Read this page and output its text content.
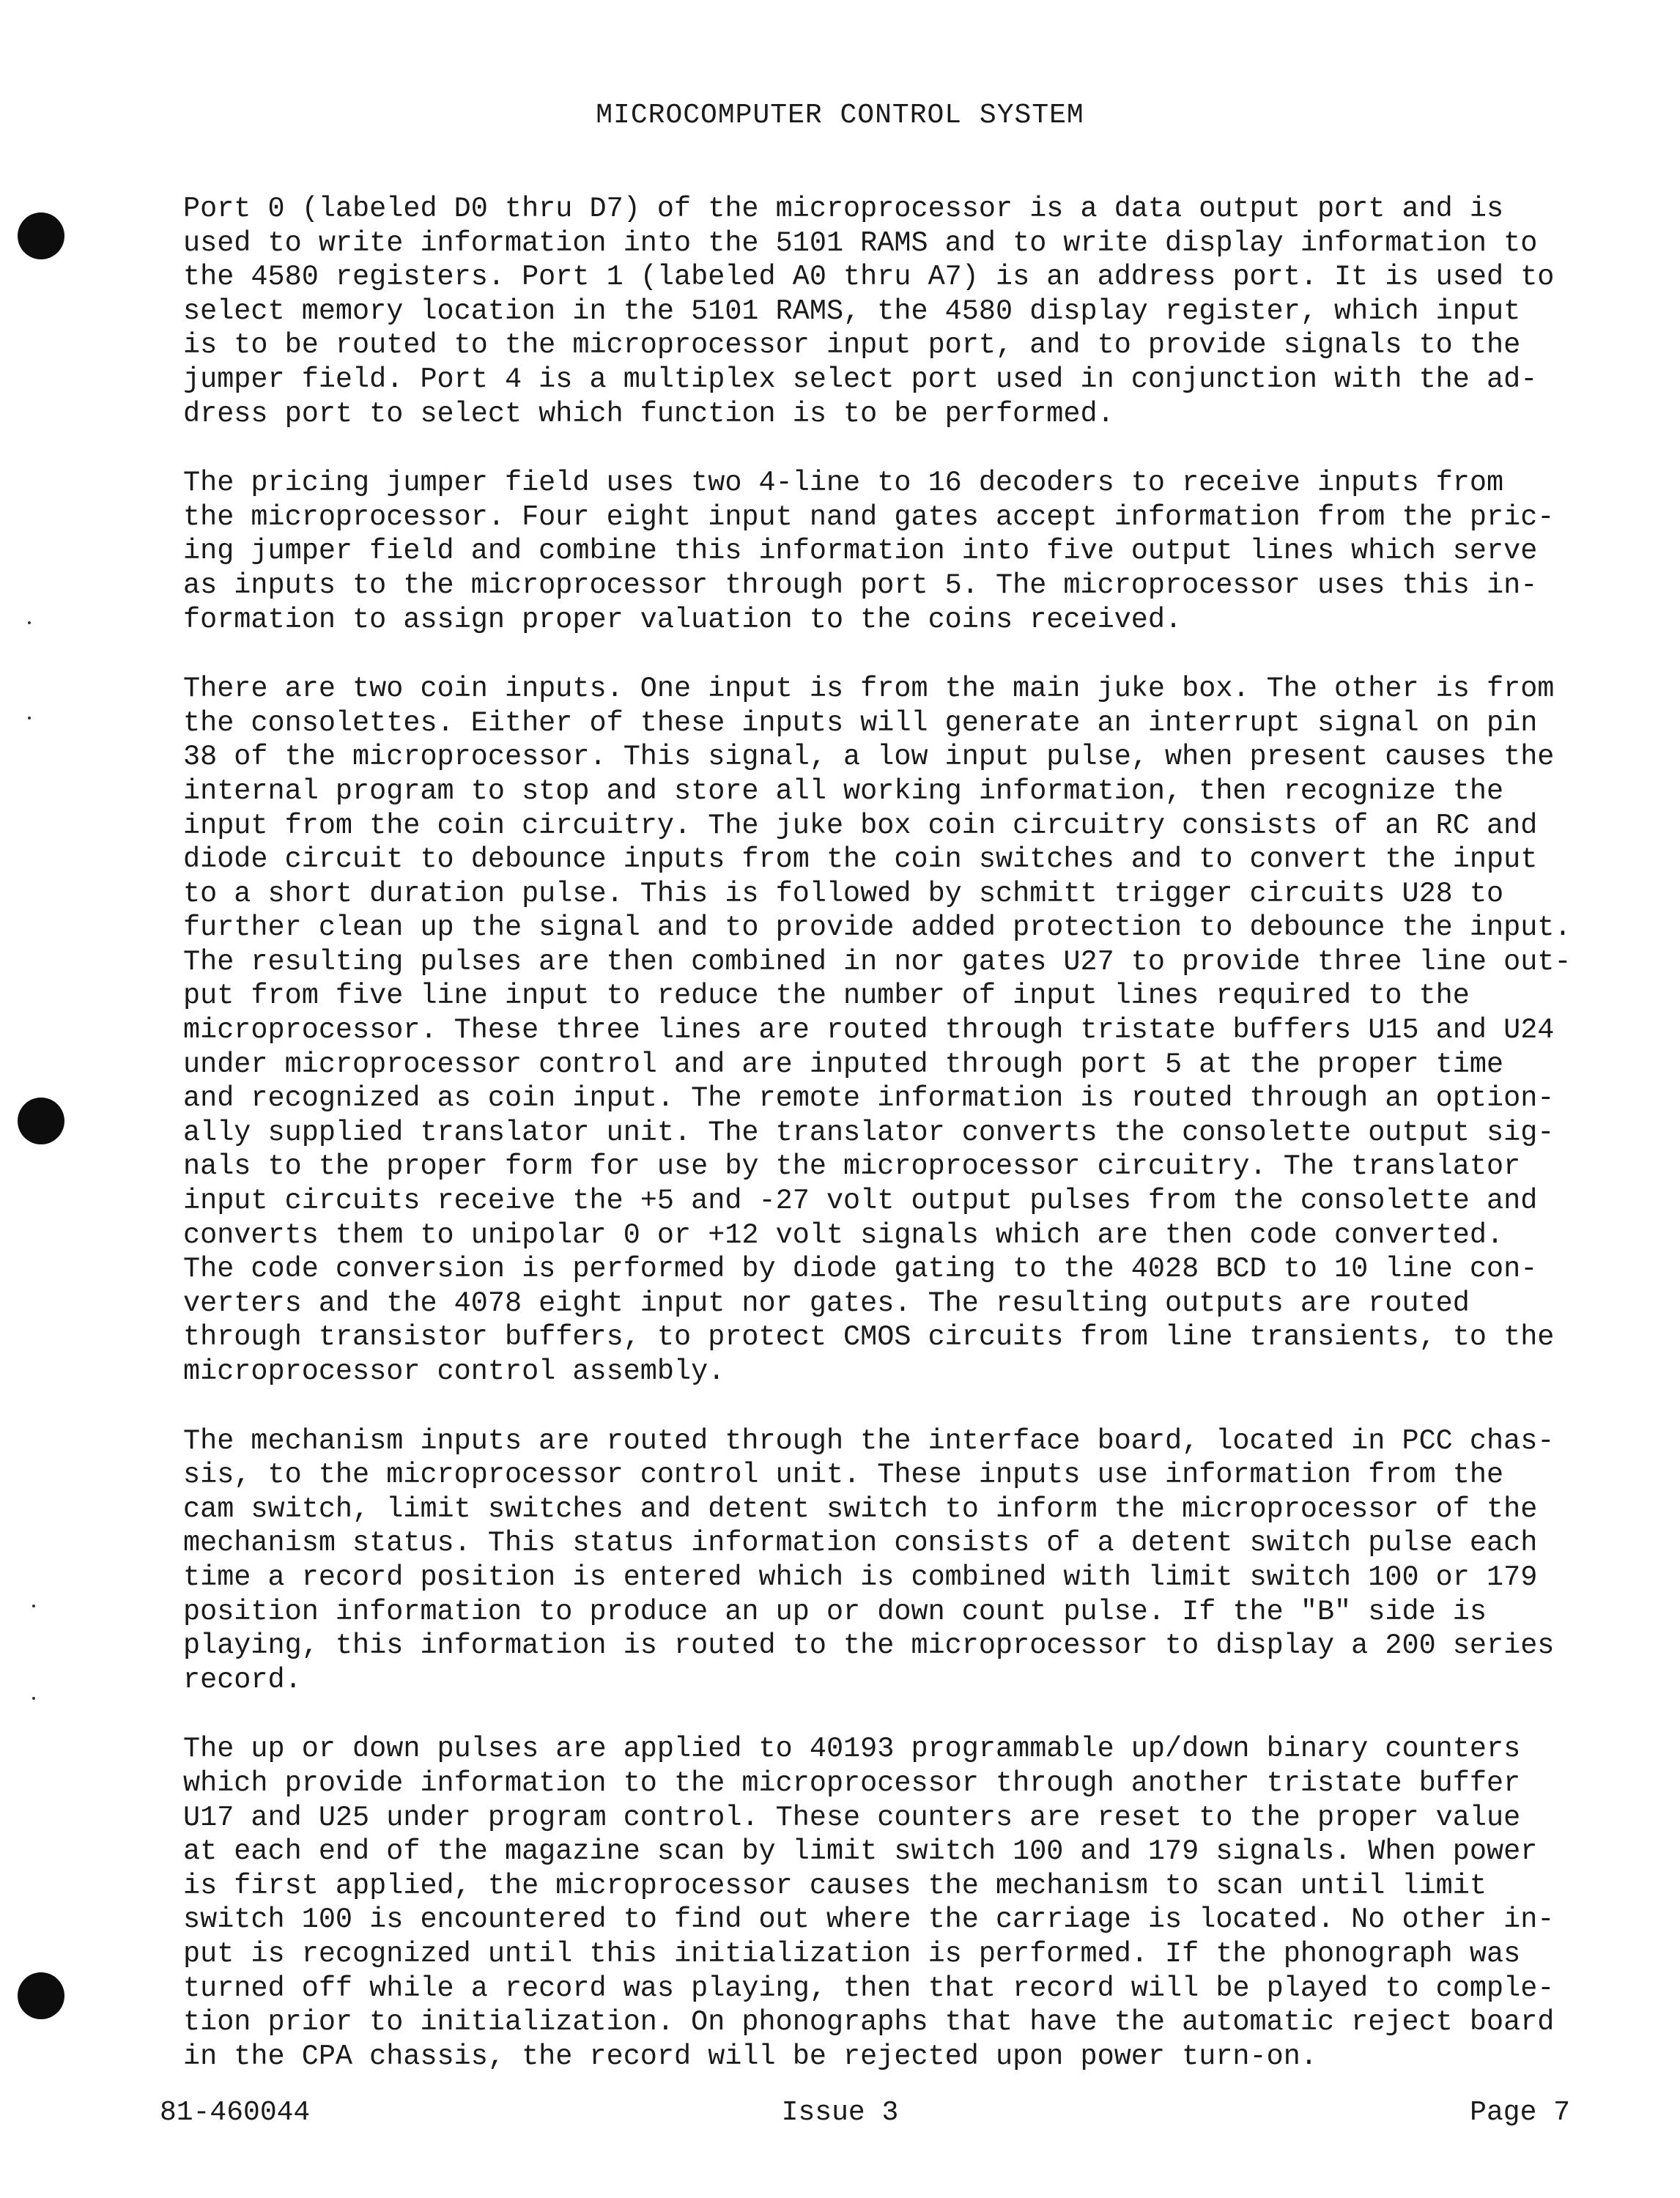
MICROCOMPUTER CONTROL SYSTEM
Port 0 (labeled D0 thru D7) of the microprocessor is a data output port and is
used to write information into the 5101 RAMS and to write display information to
the 4580 registers. Port 1 (labeled A0 thru A7) is an address port. It is used to
select memory location in the 5101 RAMS, the 4580 display register, which input
is to be routed to the microprocessor input port, and to provide signals to the
jumper field. Port 4 is a multiplex select port used in conjunction with the ad-
dress port to select which function is to be performed.
The pricing jumper field uses two 4-line to 16 decoders to receive inputs from
the microprocessor. Four eight input nand gates accept information from the pric-
ing jumper field and combine this information into five output lines which serve
as inputs to the microprocessor through port 5. The microprocessor uses this in-
formation to assign proper valuation to the coins received.
There are two coin inputs. One input is from the main juke box. The other is from
the consolettes. Either of these inputs will generate an interrupt signal on pin
38 of the microprocessor. This signal, a low input pulse, when present causes the
internal program to stop and store all working information, then recognize the
input from the coin circuitry. The juke box coin circuitry consists of an RC and
diode circuit to debounce inputs from the coin switches and to convert the input
to a short duration pulse. This is followed by schmitt trigger circuits U28 to
further clean up the signal and to provide added protection to debounce the input.
The resulting pulses are then combined in nor gates U27 to provide three line out-
put from five line input to reduce the number of input lines required to the
microprocessor. These three lines are routed through tristate buffers U15 and U24
under microprocessor control and are inputed through port 5 at the proper time
and recognized as coin input. The remote information is routed through an option-
ally supplied translator unit. The translator converts the consolette output sig-
nals to the proper form for use by the microprocessor circuitry. The translator
input circuits receive the +5 and -27 volt output pulses from the consolette and
converts them to unipolar 0 or +12 volt signals which are then code converted.
The code conversion is performed by diode gating to the 4028 BCD to 10 line con-
verters and the 4078 eight input nor gates. The resulting outputs are routed
through transistor buffers, to protect CMOS circuits from line transients, to the
microprocessor control assembly.
The mechanism inputs are routed through the interface board, located in PCC chas-
sis, to the microprocessor control unit. These inputs use information from the
cam switch, limit switches and detent switch to inform the microprocessor of the
mechanism status. This status information consists of a detent switch pulse each
time a record position is entered which is combined with limit switch 100 or 179
position information to produce an up or down count pulse. If the "B" side is
playing, this information is routed to the microprocessor to display a 200 series
record.
The up or down pulses are applied to 40193 programmable up/down binary counters
which provide information to the microprocessor through another tristate buffer
U17 and U25 under program control. These counters are reset to the proper value
at each end of the magazine scan by limit switch 100 and 179 signals. When power
is first applied, the microprocessor causes the mechanism to scan until limit
switch 100 is encountered to find out where the carriage is located. No other in-
put is recognized until this initialization is performed. If the phonograph was
turned off while a record was playing, then that record will be played to comple-
tion prior to initialization. On phonographs that have the automatic reject board
in the CPA chassis, the record will be rejected upon power turn-on.
81-460044	Issue 3	Page 7
